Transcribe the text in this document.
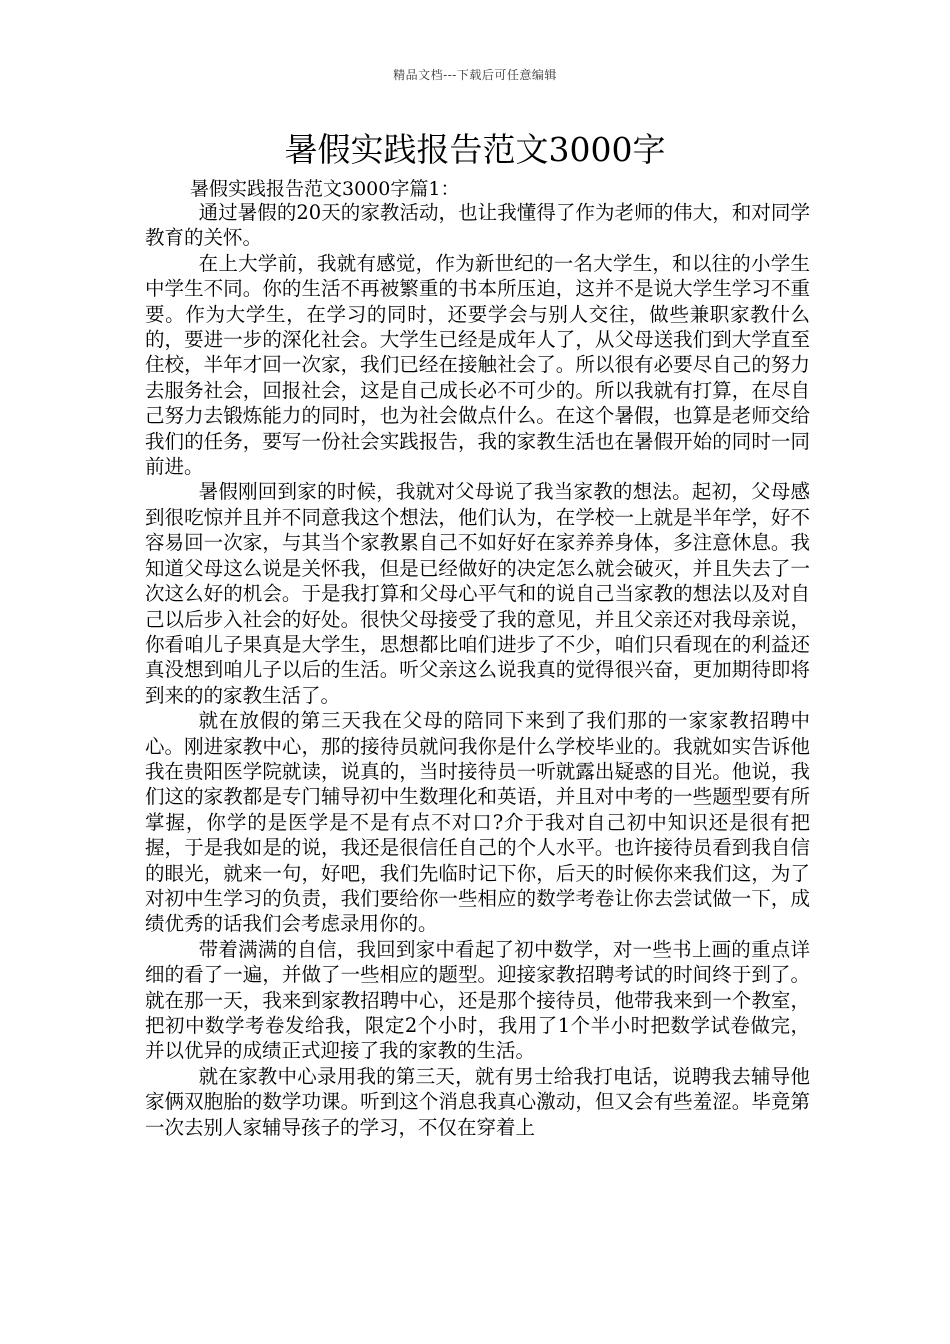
精品文档---下载后可任意编辑
暑假实践报告范文3000字
暑假实践报告范文3000字篇1：

通过暑假的20天的家教活动，也让我懂得了作为老师的伟大，和对同学教育的关怀。

在上大学前，我就有感觉，作为新世纪的一名大学生，和以往的小学生中学生不同。你的生活不再被繁重的书本所压迫，这并不是说大学生学习不重要。作为大学生，在学习的同时，还要学会与别人交往，做些兼职家教什么的，要进一步的深化社会。大学生已经是成年人了，从父母送我们到大学直至住校，半年才回一次家，我们已经在接触社会了。所以很有必要尽自己的努力去服务社会，回报社会，这是自己成长必不可少的。所以我就有打算，在尽自己努力去锻炼能力的同时，也为社会做点什么。在这个暑假，也算是老师交给我们的任务，要写一份社会实践报告，我的家教生活也在暑假开始的同时一同前进。

暑假刚回到家的时候，我就对父母说了我当家教的想法。起初，父母感到很吃惊并且并不同意我这个想法，他们认为，在学校一上就是半年学，好不容易回一次家，与其当个家教累自己不如好好在家养养身体，多注意休息。我知道父母这么说是关怀我，但是已经做好的决定怎么就会破灭，并且失去了一次这么好的机会。于是我打算和父母心平气和的说自己当家教的想法以及对自己以后步入社会的好处。很快父母接受了我的意见，并且父亲还对我母亲说，你看咱儿子果真是大学生，思想都比咱们进步了不少，咱们只看现在的利益还真没想到咱儿子以后的生活。听父亲这么说我真的觉得很兴奋，更加期待即将到来的的家教生活了。

就在放假的第三天我在父母的陪同下来到了我们那的一家家教招聘中心。刚进家教中心，那的接待员就问我你是什么学校毕业的。我就如实告诉他我在贵阳医学院就读，说真的，当时接待员一听就露出疑惑的目光。他说，我们这的家教都是专门辅导初中生数理化和英语，并且对中考的一些题型要有所掌握，你学的是医学是不是有点不对口?介于我对自己初中知识还是很有把握，于是我如是的说，我还是很信任自己的个人水平。也许接待员看到我自信的眼光，就来一句，好吧，我们先临时记下你，后天的时候你来我们这，为了对初中生学习的负责，我们要给你一些相应的数学考卷让你去尝试做一下，成绩优秀的话我们会考虑录用你的。

带着满满的自信，我回到家中看起了初中数学，对一些书上画的重点详细的看了一遍，并做了一些相应的题型。迎接家教招聘考试的时间终于到了。就在那一天，我来到家教招聘中心，还是那个接待员，他带我来到一个教室，把初中数学考卷发给我，限定2个小时，我用了1个半小时把数学试卷做完，并以优异的成绩正式迎接了我的家教的生活。

就在家教中心录用我的第三天，就有男士给我打电话，说聘我去辅导他家俩双胞胎的数学功课。听到这个消息我真心激动，但又会有些羞涩。毕竟第一次去别人家辅导孩子的学习，不仅在穿着上
